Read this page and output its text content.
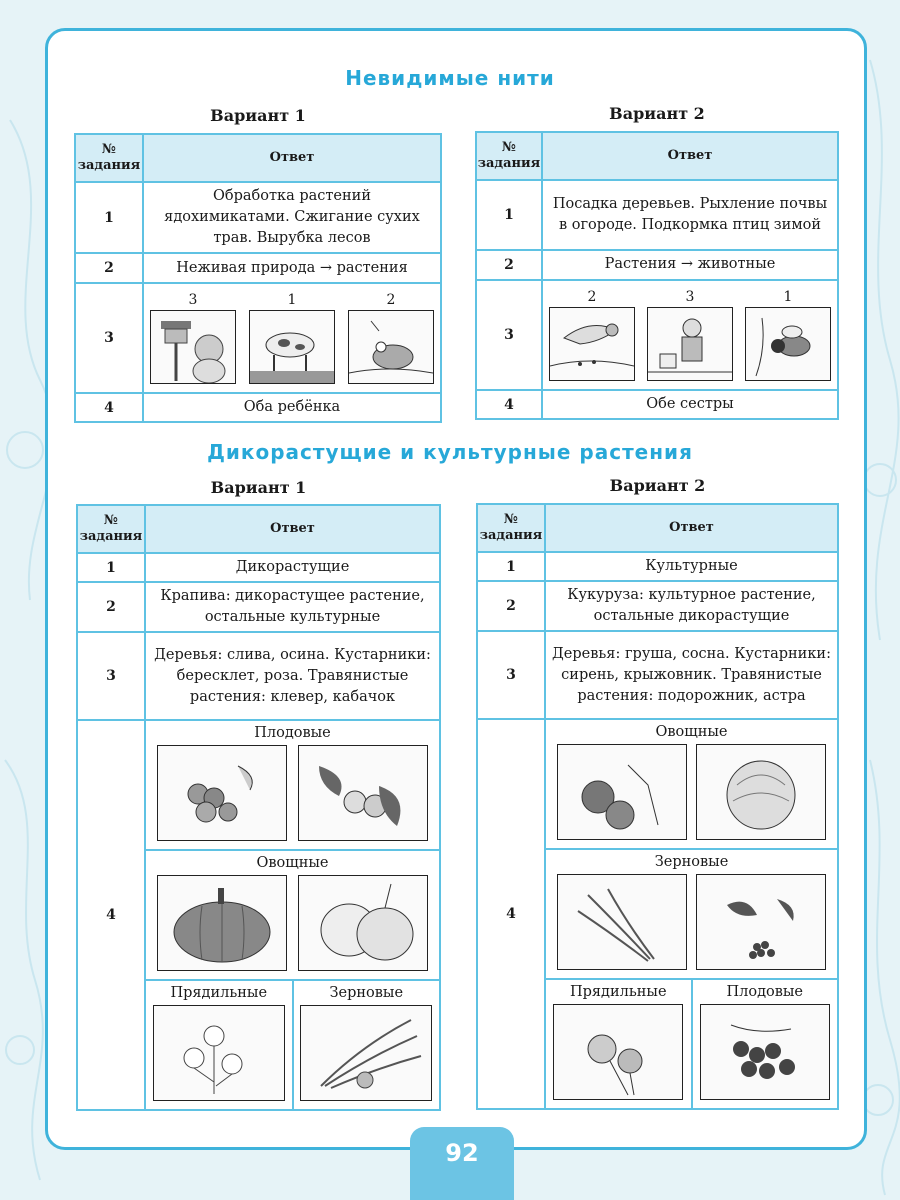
Невидимые нити
Вариант 1	Вариант 2
№ задания	Ответ
1	Обработка растений ядохимикатами. Сжигание сухих трав. Вырубка лесов
2	Неживая природа → растения
3	3 1 2

4	Оба ребёнка
№ задания	Ответ
1	Посадка деревьев. Рыхление почвы в огороде. Подкормка птиц зимой
2	Растения → животные
3	2 3 1

4	Обе сестры
Дикорастущие и культурные растения
Вариант 1	Вариант 2
№ задания	Ответ
1	Дикорастущие
2	Крапива: дикорастущее растение, остальные культурные
3	Деревья: слива, осина. Кустарники: бересклет, роза. Травянистые растения: клевер, кабачок
4	Плодовые
Овощные
Прядильные Зерновые
№ задания	Ответ
1	Культурные
2	Кукуруза: культурное растение, остальные дикорастущие
3	Деревья: груша, сосна. Кустарники: сирень, крыжовник. Травянистые растения: подорожник, астра
4	Овощные
Зерновые
Прядильные Плодовые
92
